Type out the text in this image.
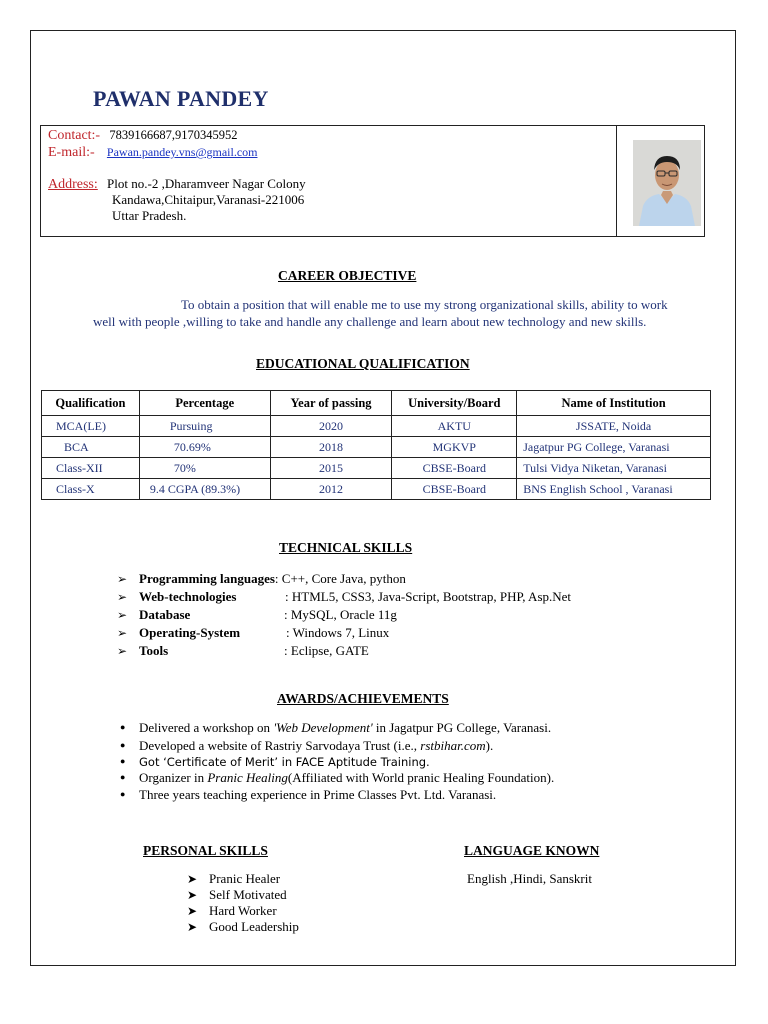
PAWAN PANDEY
Contact:- 7839166687,9170345952
E-mail:- Pawan.pandey.vns@gmail.com
Address: Plot no.-2 ,Dharamveer Nagar Colony
Kandawa,Chitaipur,Varanasi-221006
Uttar Pradesh.
CAREER OBJECTIVE
To obtain a position that will enable me to use my strong organizational skills, ability to work well with people ,willing to take and handle any challenge and learn about new technology and new skills.
EDUCATIONAL QUALIFICATION
Qualification	Percentage	Year of passing	University/Board	Name of Institution
MCA(LE)	Pursuing	2020	AKTU	JSSATE, Noida
BCA	70.69%	2018	MGKVP	Jagatpur PG College, Varanasi
Class-XII	70%	2015	CBSE-Board	Tulsi Vidya Niketan, Varanasi
Class-X	9.4 CGPA (89.3%)	2012	CBSE-Board	BNS English School , Varanasi
TECHNICAL SKILLS
➢ Programming languages: C++, Core Java, python
➢ Web-technologies	: HTML5, CSS3, Java-Script, Bootstrap, PHP, Asp.Net
➢ Database	: MySQL, Oracle 11g
➢ Operating-System	: Windows 7, Linux
➢ Tools	: Eclipse, GATE
AWARDS/ACHIEVEMENTS
● Delivered a workshop on 'Web Development' in Jagatpur PG College, Varanasi.
● Developed a website of Rastriy Sarvodaya Trust (i.e., rstbihar.com).
● Got ‘Certificate of Merit’ in FACE Aptitude Training.
● Organizer in Pranic Healing(Affiliated with World pranic Healing Foundation).
● Three years teaching experience in Prime Classes Pvt. Ltd. Varanasi.
PERSONAL SKILLS	LANGUAGE KNOWN
➤ Pranic Healer
➤ Self Motivated
➤ Hard Worker
➤ Good Leadership
English ,Hindi, Sanskrit
